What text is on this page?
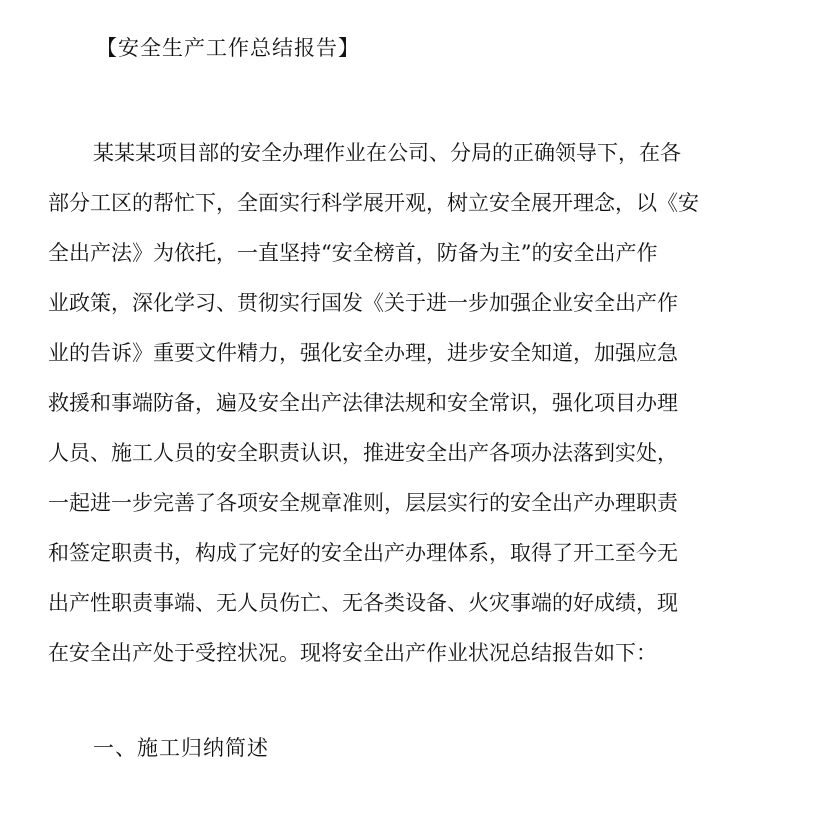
【安全生产工作总结报告】

某某某项目部的安全办理作业在公司、分局的正确领导下，在各
部分工区的帮忙下，全面实行科学展开观，树立安全展开理念，以《安
全出产法》为依托，一直坚持“安全榜首，防备为主”的安全出产作
业政策，深化学习、贯彻实行国发《关于进一步加强企业安全出产作
业的告诉》重要文件精力，强化安全办理，进步安全知道，加强应急
救援和事端防备，遍及安全出产法律法规和安全常识，强化项目办理
人员、施工人员的安全职责认识，推进安全出产各项办法落到实处，
一起进一步完善了各项安全规章准则，层层实行的安全出产办理职责
和签定职责书，构成了完好的安全出产办理体系，取得了开工至今无
出产性职责事端、无人员伤亡、无各类设备、火灾事端的好成绩，现
在安全出产处于受控状况。现将安全出产作业状况总结报告如下：

一、施工归纳简述
